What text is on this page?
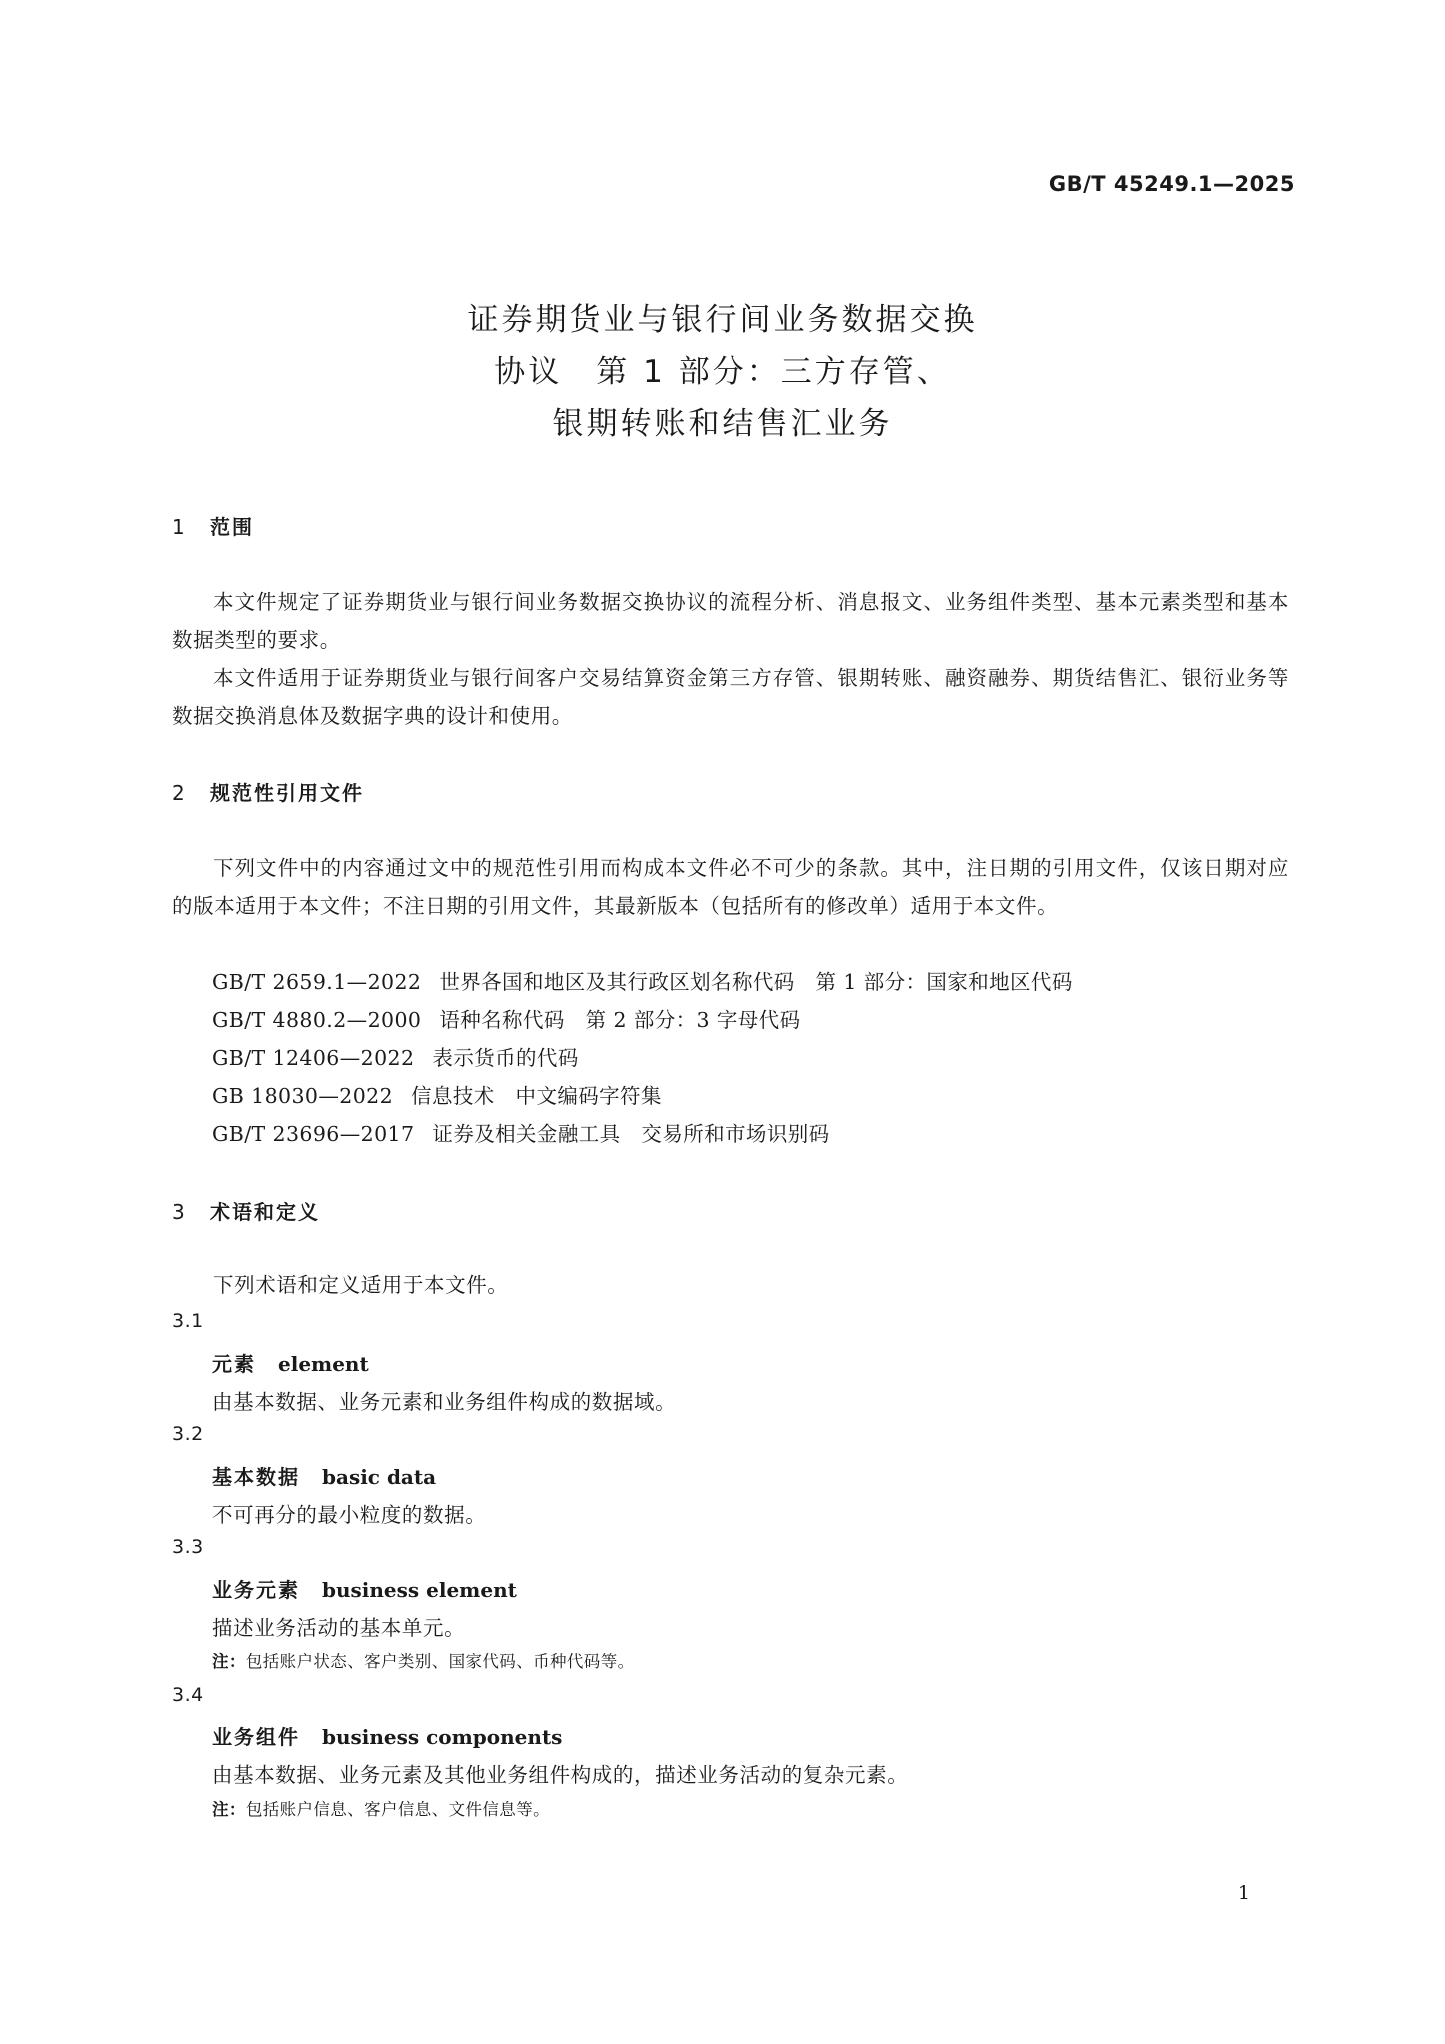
GB/T 45249.1—2025
证券期货业与银行间业务数据交换
协议　第 1 部分：三方存管、
银期转账和结售汇业务
1 范围
本文件规定了证券期货业与银行间业务数据交换协议的流程分析、消息报文、业务组件类型、基本元素类型和基本数据类型的要求。
本文件适用于证券期货业与银行间客户交易结算资金第三方存管、银期转账、融资融券、期货结售汇、银衍业务等数据交换消息体及数据字典的设计和使用。
2 规范性引用文件
下列文件中的内容通过文中的规范性引用而构成本文件必不可少的条款。其中，注日期的引用文件，仅该日期对应的版本适用于本文件；不注日期的引用文件，其最新版本（包括所有的修改单）适用于本文件。
GB/T 2659.1—2022 世界各国和地区及其行政区划名称代码　第 1 部分：国家和地区代码
GB/T 4880.2—2000 语种名称代码　第 2 部分：3 字母代码
GB/T 12406—2022 表示货币的代码
GB 18030—2022 信息技术　中文编码字符集
GB/T 23696—2017 证券及相关金融工具　交易所和市场识别码
3 术语和定义
下列术语和定义适用于本文件。
3.1
元素 element
由基本数据、业务元素和业务组件构成的数据域。
3.2
基本数据 basic data
不可再分的最小粒度的数据。
3.3
业务元素 business element
描述业务活动的基本单元。
注：包括账户状态、客户类别、国家代码、币种代码等。
3.4
业务组件 business components
由基本数据、业务元素及其他业务组件构成的，描述业务活动的复杂元素。
注：包括账户信息、客户信息、文件信息等。
1
